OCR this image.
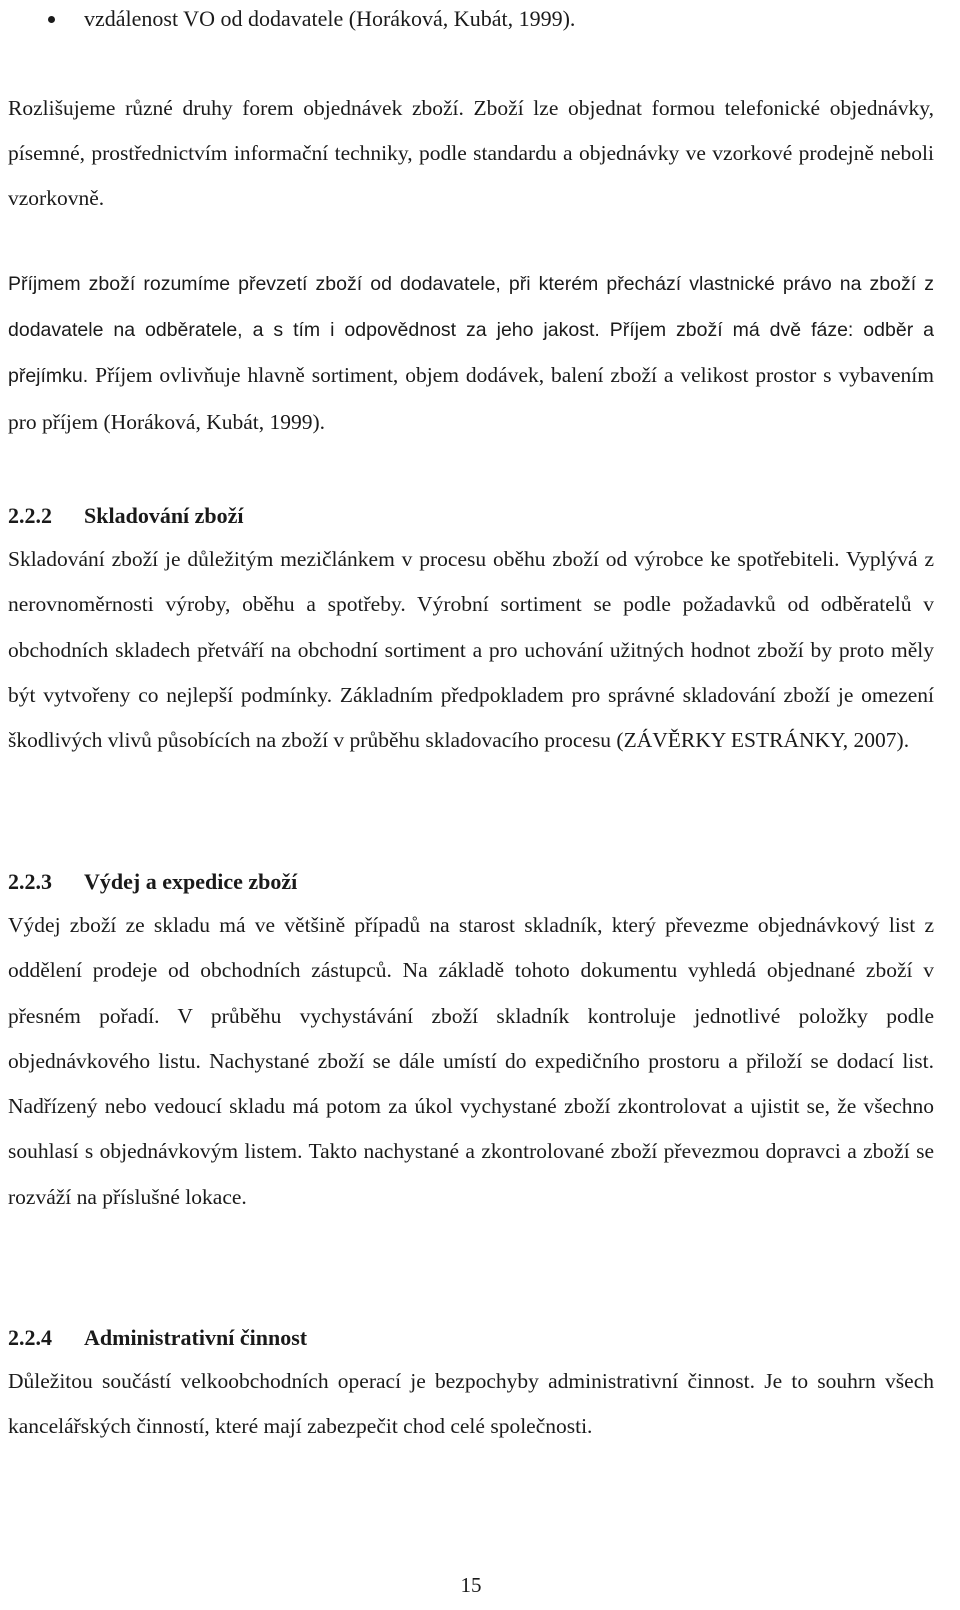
vzdálenost VO od dodavatele (Horáková, Kubát, 1999).

Rozlišujeme různé druhy forem objednávek zboží. Zboží lze objednat formou telefonické objednávky, písemné, prostřednictvím informační techniky, podle standardu a objednávky ve vzorkové prodejně neboli vzorkovně.

Příjmem zboží rozumíme převzetí zboží od dodavatele, při kterém přechází vlastnické právo na zboží z dodavatele na odběratele, a s tím i odpovědnost za jeho jakost. Příjem zboží má dvě fáze: odběr a přejímku. Příjem ovlivňuje hlavně sortiment, objem dodávek, balení zboží a velikost prostor s vybavením pro příjem (Horáková, Kubát, 1999).

2.2.2 Skladování zboží

Skladování zboží je důležitým mezičlánkem v procesu oběhu zboží od výrobce ke spotřebiteli. Vyplývá z nerovnoměrnosti výroby, oběhu a spotřeby. Výrobní sortiment se podle požadavků od odběratelů v obchodních skladech přetváří na obchodní sortiment a pro uchování užitných hodnot zboží by proto měly být vytvořeny co nejlepší podmínky. Základním předpokladem pro správné skladování zboží je omezení škodlivých vlivů působících na zboží v průběhu skladovacího procesu (ZÁVĚRKY ESTRÁNKY, 2007).

2.2.3 Výdej a expedice zboží

Výdej zboží ze skladu má ve většině případů na starost skladník, který převezme objednávkový list z oddělení prodeje od obchodních zástupců. Na základě tohoto dokumentu vyhledá objednané zboží v přesném pořadí. V průběhu vychystávání zboží skladník kontroluje jednotlivé položky podle objednávkového listu. Nachystané zboží se dále umístí do expedičního prostoru a přiloží se dodací list. Nadřízený nebo vedoucí skladu má potom za úkol vychystané zboží zkontrolovat a ujistit se, že všechno souhlasí s objednávkovým listem. Takto nachystané a zkontrolované zboží převezmou dopravci a zboží se rozváží na příslušné lokace.

2.2.4 Administrativní činnost

Důležitou součástí velkoobchodních operací je bezpochyby administrativní činnost. Je to souhrn všech kancelářských činností, které mají zabezpečit chod celé společnosti.

15
